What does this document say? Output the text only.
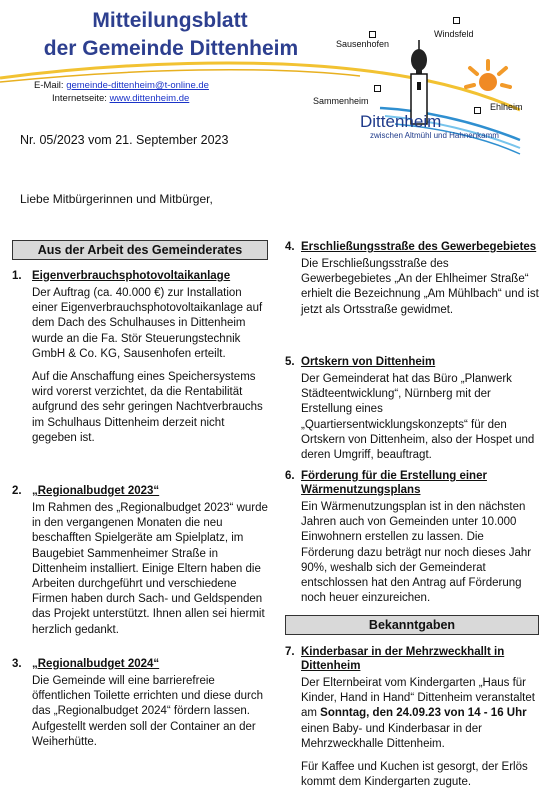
Mitteilungsblatt
der Gemeinde Dittenheim
E-Mail: gemeinde-dittenheim@t-online.de
Internetseite: www.dittenheim.de
Sausenhofen
Windsfeld
Sammenheim
Ehlheim
Dittenheim
zwischen Altmühl und Hahnenkamm
Nr. 05/2023 vom 21. September 2023
Liebe Mitbürgerinnen und Mitbürger,
Aus der Arbeit des Gemeinderates
1. Eigenverbrauchsphotovoltaikanlage

Der Auftrag (ca. 40.000 €) zur Installation einer Eigenverbrauchsphotovoltaikanlage auf dem Dach des Schulhauses in Dittenheim wurde an die Fa. Stör Steuerungstechnik GmbH & Co. KG, Sausenhofen erteilt.

Auf die Anschaffung eines Speichersystems wird vorerst verzichtet, da die Rentabilität aufgrund des sehr geringen Nachtverbrauchs im Schulhaus Dittenheim derzeit nicht gegeben ist.

2. „Regionalbudget 2023“

Im Rahmen des „Regionalbudget 2023“ wurde in den vergangenen Monaten die neu beschafften Spielgeräte am Spielplatz, im Baugebiet Sammenheimer Straße in Dittenheim installiert. Einige Eltern haben die Arbeiten durchgeführt und verschiedene Firmen haben durch Sach- und Geldspenden das Projekt unterstützt. Ihnen allen sei hiermit herzlich gedankt.

3. „Regionalbudget 2024“

Die Gemeinde will eine barrierefreie öffentlichen Toilette errichten und diese durch das „Regionalbudget 2024“ fördern lassen. Aufgestellt werden soll der Container an der Weiherhütte.

4. Erschließungsstraße des Gewerbegebietes

Die Erschließungsstraße des Gewerbegebietes „An der Ehlheimer Straße“ erhielt die Bezeichnung „Am Mühlbach“ und ist jetzt als Ortsstraße gewidmet.

5. Ortskern von Dittenheim

Der Gemeinderat hat das Büro „Planwerk Städteentwicklung“, Nürnberg mit der Erstellung eines „Quartiersentwicklungskonzepts“ für den Ortskern von Dittenheim, also der Hospet und deren Umgriff, beauftragt.

6. Förderung für die Erstellung einer Wärmenutzungsplans

Ein Wärmenutzungsplan ist in den nächsten Jahren auch von Gemeinden unter 10.000 Einwohnern erstellen zu lassen. Die Förderung dazu beträgt nur noch dieses Jahr 90%, weshalb sich der Gemeinderat entschlossen hat den Antrag auf Förderung noch heuer einzureichen.

Bekanntgaben
7. Kinderbasar in der Mehrzweckhallt in Dittenheim

Der Elternbeirat vom Kindergarten „Haus für Kinder, Hand in Hand“ Dittenheim veranstaltet am Sonntag, den 24.09.23 von 14 - 16 Uhr einen Baby- und Kinderbasar in der Mehrzweckhalle Dittenheim.

Für Kaffee und Kuchen ist gesorgt, der Erlös kommt dem Kindergarten zugute.
